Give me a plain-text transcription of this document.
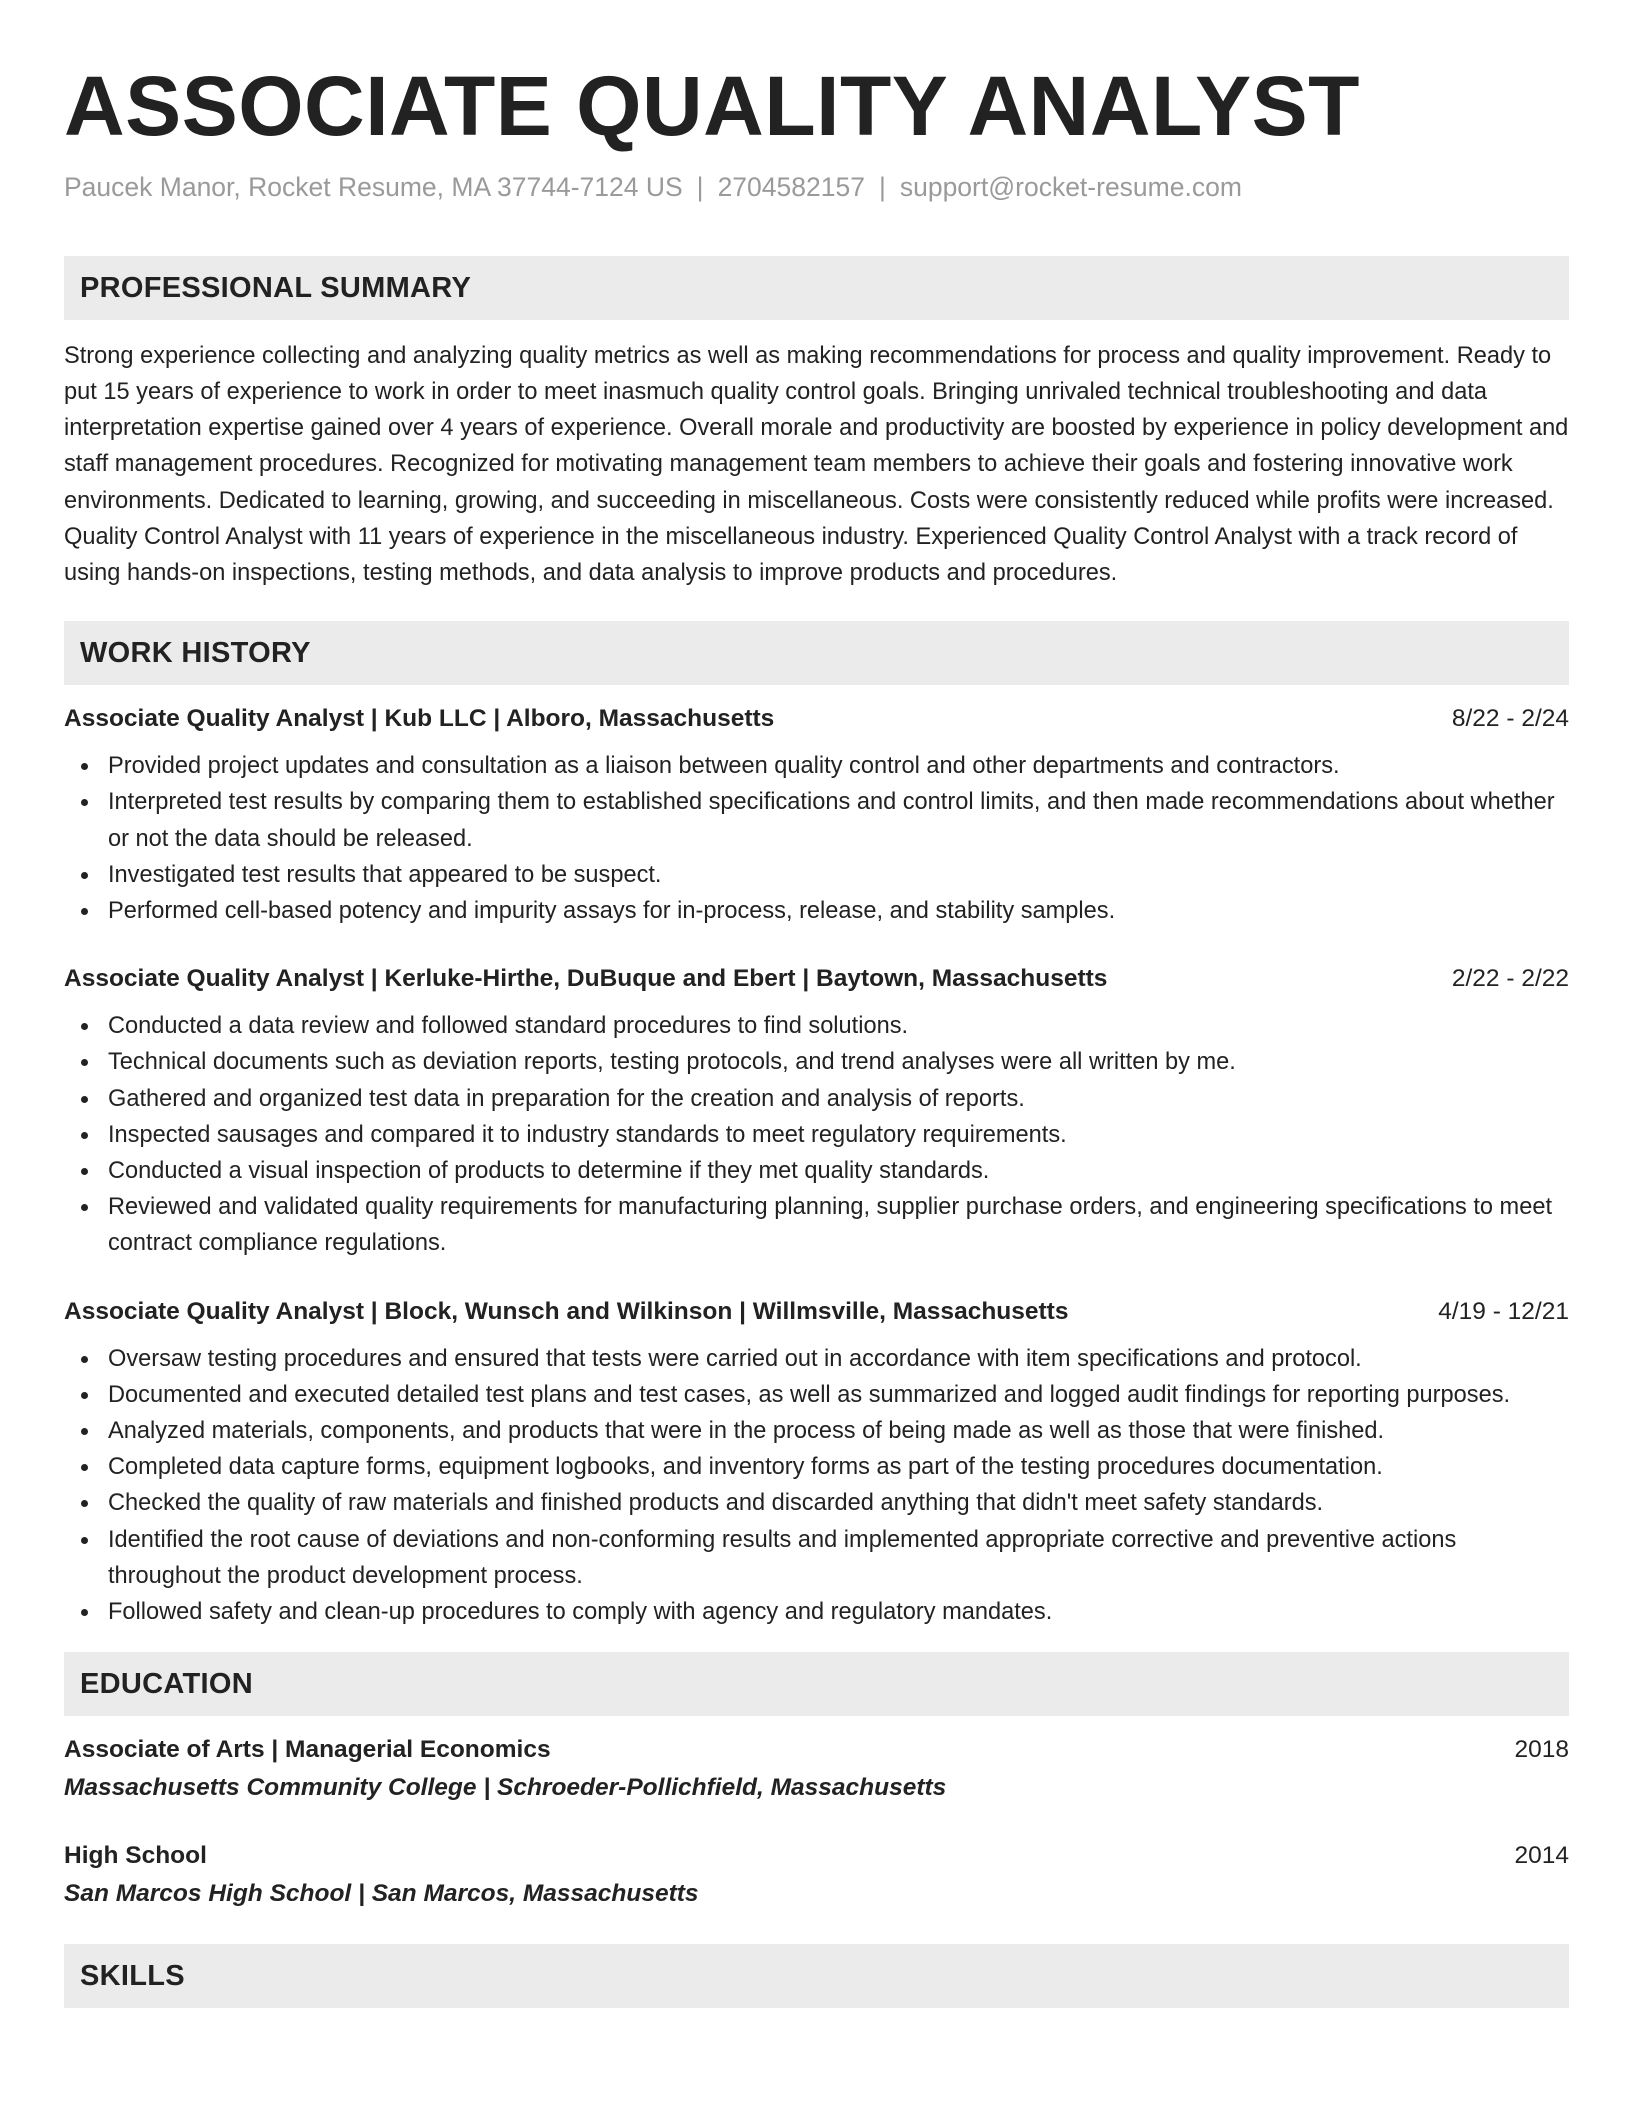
ASSOCIATE QUALITY ANALYST
Paucek Manor, Rocket Resume, MA 37744-7124 US | 2704582157 | support@rocket-resume.com
PROFESSIONAL SUMMARY
Strong experience collecting and analyzing quality metrics as well as making recommendations for process and quality improvement. Ready to put 15 years of experience to work in order to meet inasmuch quality control goals. Bringing unrivaled technical troubleshooting and data interpretation expertise gained over 4 years of experience. Overall morale and productivity are boosted by experience in policy development and staff management procedures. Recognized for motivating management team members to achieve their goals and fostering innovative work environments. Dedicated to learning, growing, and succeeding in miscellaneous. Costs were consistently reduced while profits were increased. Quality Control Analyst with 11 years of experience in the miscellaneous industry. Experienced Quality Control Analyst with a track record of using hands-on inspections, testing methods, and data analysis to improve products and procedures.
WORK HISTORY
Associate Quality Analyst | Kub LLC | Alboro, Massachusetts	8/22 - 2/24
Provided project updates and consultation as a liaison between quality control and other departments and contractors.
Interpreted test results by comparing them to established specifications and control limits, and then made recommendations about whether or not the data should be released.
Investigated test results that appeared to be suspect.
Performed cell-based potency and impurity assays for in-process, release, and stability samples.
Associate Quality Analyst | Kerluke-Hirthe, DuBuque and Ebert | Baytown, Massachusetts	2/22 - 2/22
Conducted a data review and followed standard procedures to find solutions.
Technical documents such as deviation reports, testing protocols, and trend analyses were all written by me.
Gathered and organized test data in preparation for the creation and analysis of reports.
Inspected sausages and compared it to industry standards to meet regulatory requirements.
Conducted a visual inspection of products to determine if they met quality standards.
Reviewed and validated quality requirements for manufacturing planning, supplier purchase orders, and engineering specifications to meet contract compliance regulations.
Associate Quality Analyst | Block, Wunsch and Wilkinson | Willmsville, Massachusetts	4/19 - 12/21
Oversaw testing procedures and ensured that tests were carried out in accordance with item specifications and protocol.
Documented and executed detailed test plans and test cases, as well as summarized and logged audit findings for reporting purposes.
Analyzed materials, components, and products that were in the process of being made as well as those that were finished.
Completed data capture forms, equipment logbooks, and inventory forms as part of the testing procedures documentation.
Checked the quality of raw materials and finished products and discarded anything that didn't meet safety standards.
Identified the root cause of deviations and non-conforming results and implemented appropriate corrective and preventive actions throughout the product development process.
Followed safety and clean-up procedures to comply with agency and regulatory mandates.
EDUCATION
Associate of Arts | Managerial Economics	2018
Massachusetts Community College | Schroeder-Pollichfield, Massachusetts
High School	2014
San Marcos High School | San Marcos, Massachusetts
SKILLS
